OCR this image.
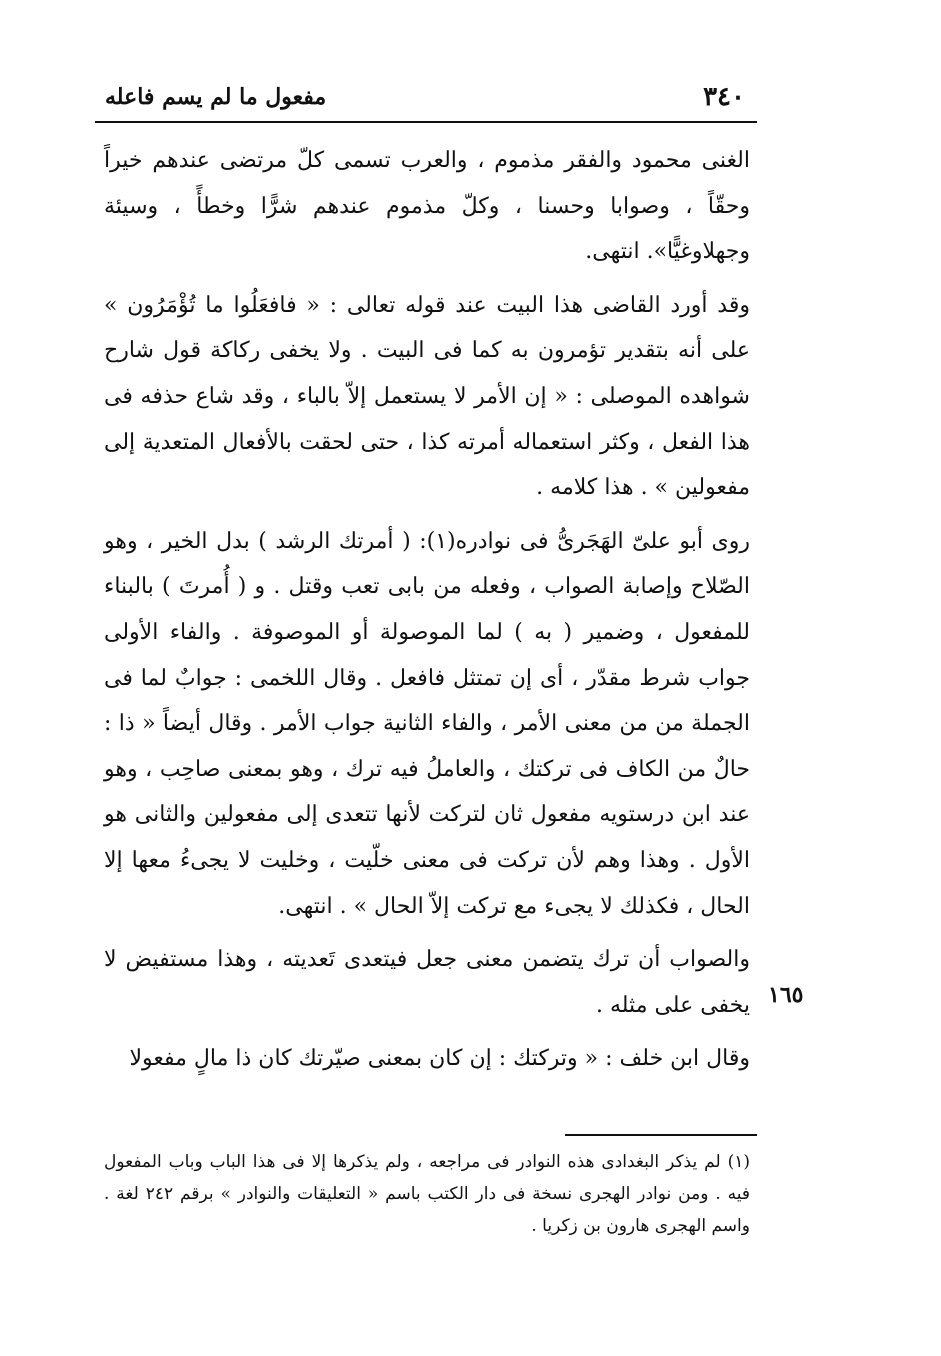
٣٤٠
مفعول ما لم يسم فاعله

الغنى محمود والفقر مذموم ، والعرب تسمى كلّ مرتضى عندهم خيراً وحقّاً ، وصوابا وحسنا ، وكلّ مذموم عندهم شرًّا وخطأً ، وسيئة وجهلاوغيًّا». انتهى.

وقد أورد القاضى هذا البيت عند قوله تعالى : « فافعَلُوا ما تُؤْمَرُون » على أنه بتقدير تؤمرون به كما فى البيت . ولا يخفى ركاكة قول شارح شواهده الموصلى : « إن الأمر لا يستعمل إلاّ بالباء ، وقد شاع حذفه فى هذا الفعل ، وكثر استعماله أمرته كذا ، حتى لحقت بالأفعال المتعدية إلى مفعولين » . هذا كلامه .

روى أبو علىّ الهَجَرىُّ فى نوادره(١): ( أمرتك الرشد ) بدل الخير ، وهو الصّلاح وإصابة الصواب ، وفعله من بابى تعب وقتل . و ( أُمرتَ ) بالبناء للمفعول ، وضمير ( به ) لما الموصولة أو الموصوفة . والفاء الأولى جواب شرط مقدّر ، أى إن تمتثل فافعل . وقال اللخمى : جوابٌ لما فى الجملة من من معنى الأمر ، والفاء الثانية جواب الأمر . وقال أيضاً « ذا : حالٌ من الكاف فى تركتك ، والعاملُ فيه ترك ، وهو بمعنى صاحِب ، وهو عند ابن درستويه مفعول ثان لتركت لأنها تتعدى إلى مفعولين والثانى هو الأول . وهذا وهم لأن تركت فى معنى خلّيت ، وخليت لا يجىءُ معها إلا الحال ، فكذلك لا يجىء مع تركت إلاّ الحال » . انتهى.

والصواب أن ترك يتضمن معنى جعل فيتعدى تَعديته ، وهذا مستفيض لا يخفى على مثله .

وقال ابن خلف : « وتركتك : إن كان بمعنى صيّرتك كان ذا مالٍ مفعولا

١٦٥

(١) لم يذكر البغدادى هذه النوادر فى مراجعه ، ولم يذكرها إلا فى هذا الباب وباب المفعول فيه . ومن نوادر الهجرى نسخة فى دار الكتب باسم « التعليقات والنوادر » برقم ٢٤٢ لغة . واسم الهجرى هارون بن زكريا .
